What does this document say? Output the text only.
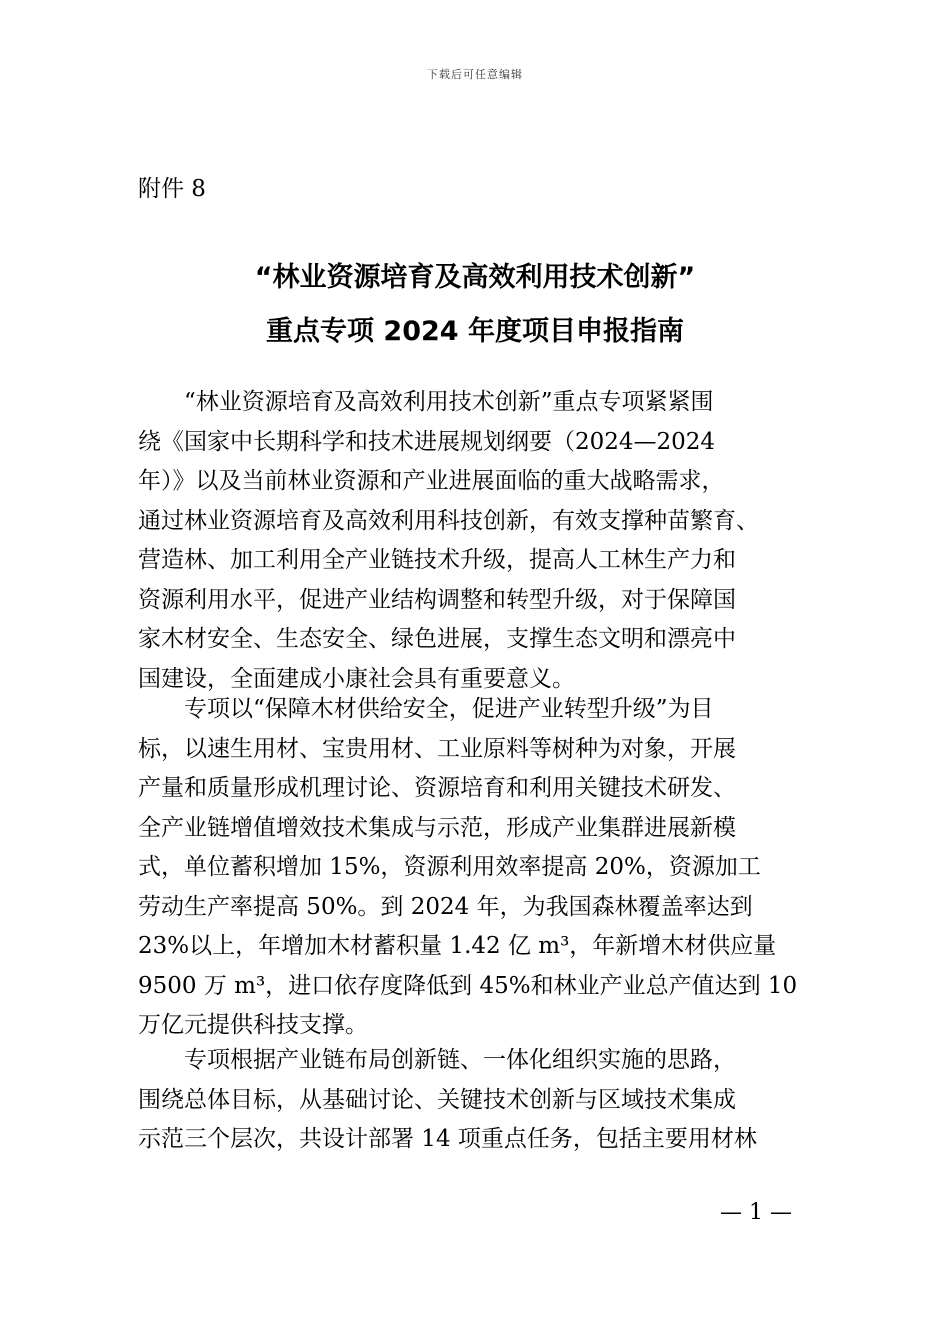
下载后可任意编辑
附件 8
“林业资源培育及高效利用技术创新”
重点专项 2024 年度项目申报指南
“林业资源培育及高效利用技术创新”重点专项紧紧围
绕《国家中长期科学和技术进展规划纲要（2024—2024
年）》以及当前林业资源和产业进展面临的重大战略需求，
通过林业资源培育及高效利用科技创新，有效支撑种苗繁育、
营造林、加工利用全产业链技术升级，提高人工林生产力和
资源利用水平，促进产业结构调整和转型升级，对于保障国
家木材安全、生态安全、绿色进展，支撑生态文明和漂亮中
国建设，全面建成小康社会具有重要意义。
专项以“保障木材供给安全，促进产业转型升级”为目
标，以速生用材、宝贵用材、工业原料等树种为对象，开展
产量和质量形成机理讨论、资源培育和利用关键技术研发、
全产业链增值增效技术集成与示范，形成产业集群进展新模
式，单位蓄积增加 15%，资源利用效率提高 20%，资源加工
劳动生产率提高 50%。到 2024 年，为我国森林覆盖率达到
23%以上，年增加木材蓄积量 1.42 亿 m³，年新增木材供应量
9500 万 m³，进口依存度降低到 45%和林业产业总产值达到 10
万亿元提供科技支撑。
专项根据产业链布局创新链、一体化组织实施的思路，
围绕总体目标，从基础讨论、关键技术创新与区域技术集成
示范三个层次，共设计部署 14 项重点任务，包括主要用材林
— 1 —
